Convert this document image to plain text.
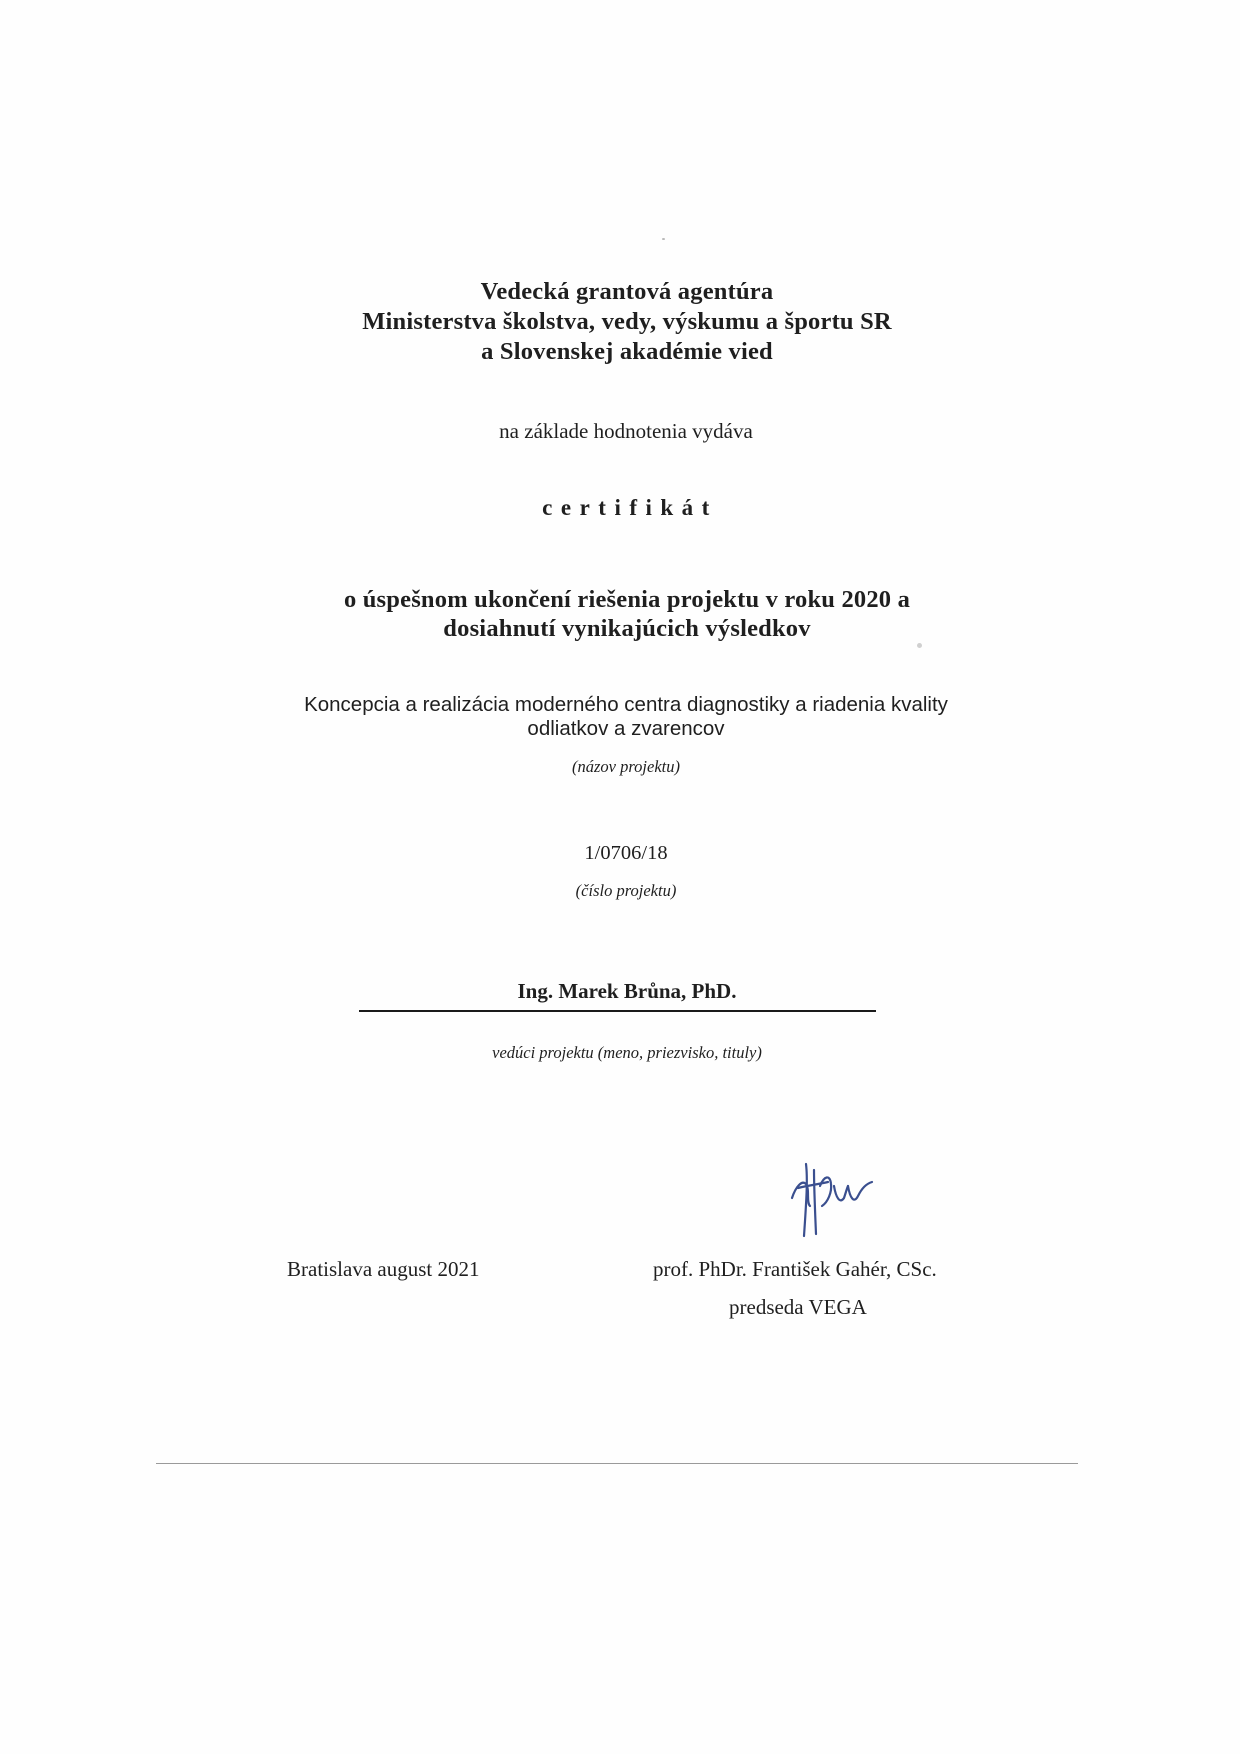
Vedecká grantová agentúra
Ministerstva školstva, vedy, výskumu a športu SR
a Slovenskej akadémie vied
na základe hodnotenia vydáva
certifikát
o úspešnom ukončení riešenia projektu v roku 2020 a
dosiahnutí vynikajúcich výsledkov
Koncepcia a realizácia moderného centra diagnostiky a riadenia kvality
odliatkov a zvarencov
(názov projektu)
1/0706/18
(číslo projektu)
Ing. Marek Brůna, PhD.
vedúci projektu (meno, priezvisko, tituly)
Bratislava august 2021	prof. PhDr. František Gahér, CSc.
predseda VEGA
